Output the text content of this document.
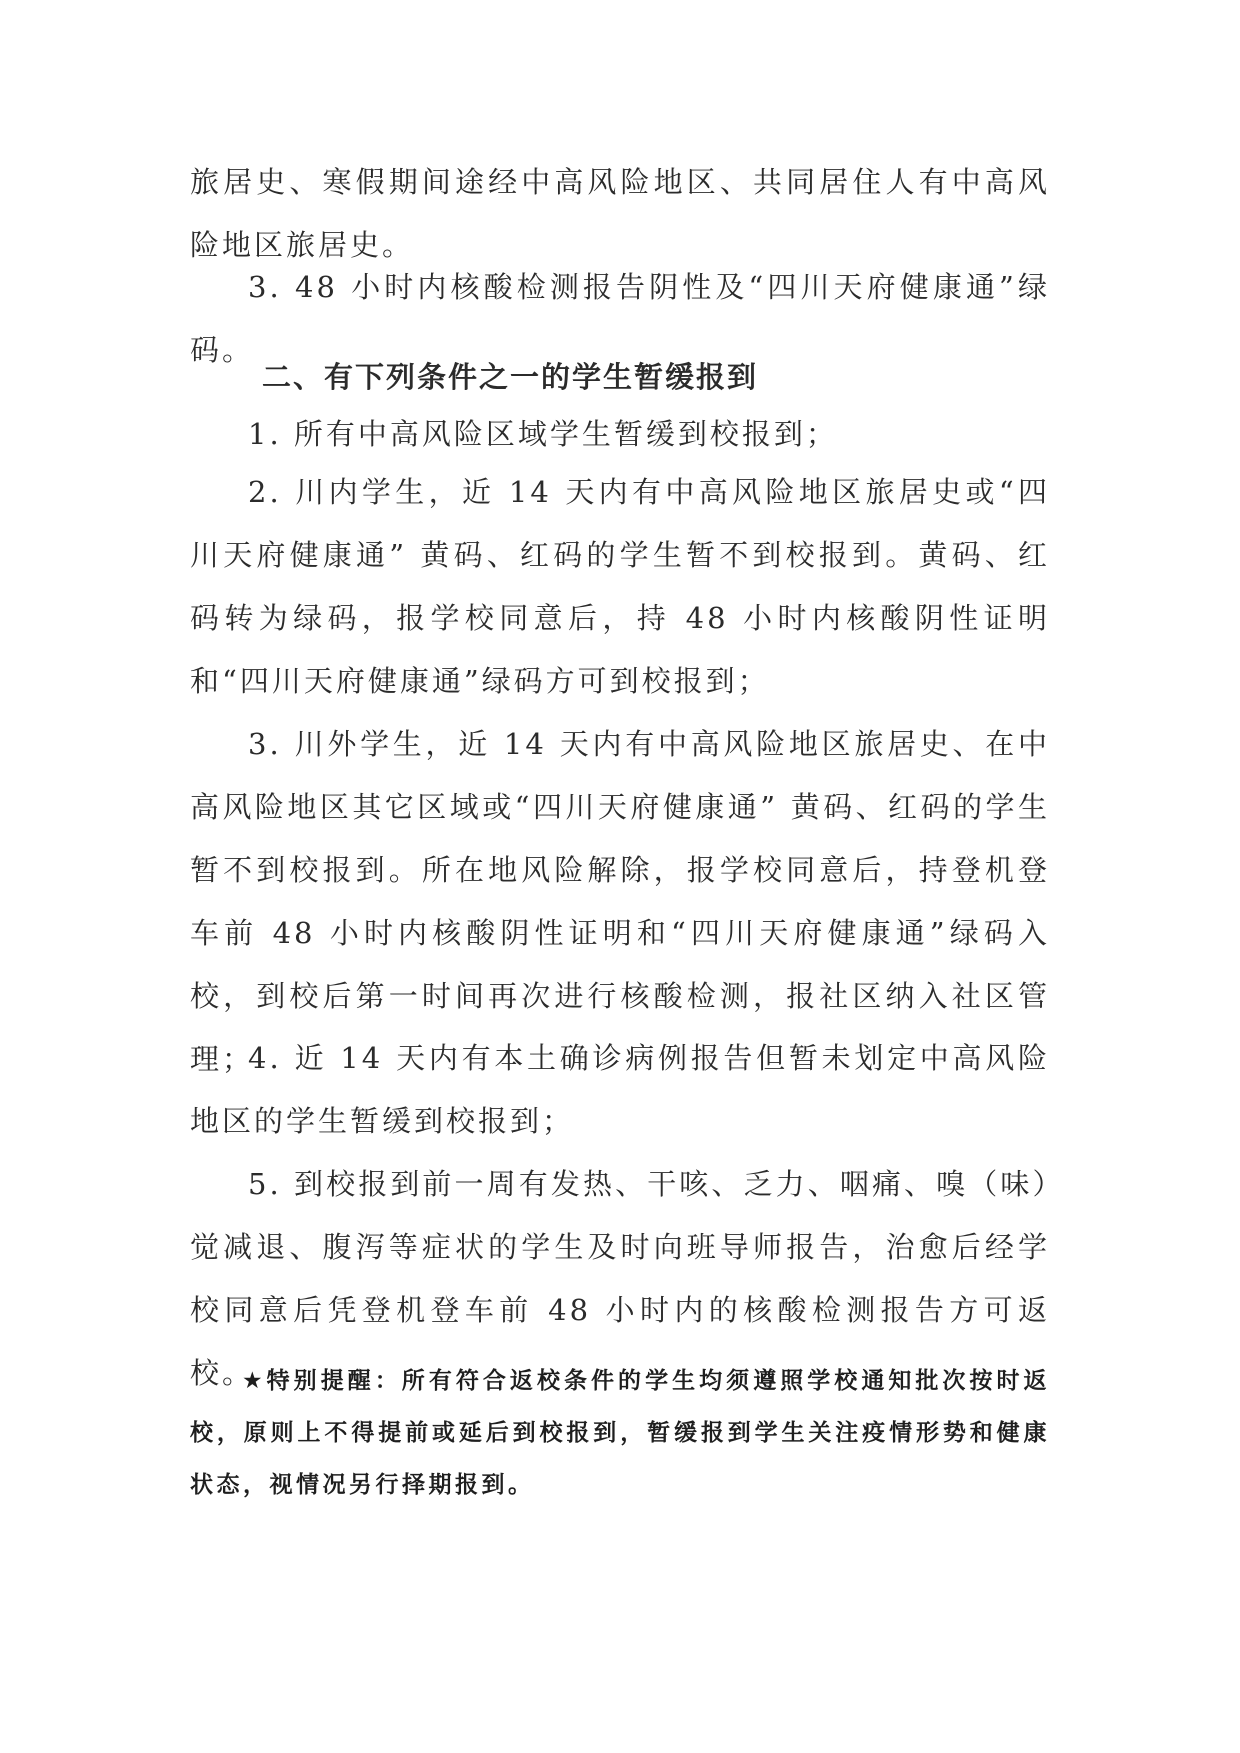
旅居史、寒假期间途经中高风险地区、共同居住人有中高风险地区旅居史。

3. 48 小时内核酸检测报告阴性及“四川天府健康通”绿码。

二、有下列条件之一的学生暂缓报到

1. 所有中高风险区域学生暂缓到校报到；

2. 川内学生，近 14 天内有中高风险地区旅居史或“四川天府健康通” 黄码、红码的学生暂不到校报到。黄码、红码转为绿码，报学校同意后，持 48 小时内核酸阴性证明和“四川天府健康通”绿码方可到校报到；

3. 川外学生，近 14 天内有中高风险地区旅居史、在中高风险地区其它区域或“四川天府健康通” 黄码、红码的学生暂不到校报到。所在地风险解除，报学校同意后，持登机登车前 48 小时内核酸阴性证明和“四川天府健康通”绿码入校，到校后第一时间再次进行核酸检测，报社区纳入社区管理；

4. 近 14 天内有本土确诊病例报告但暂未划定中高风险地区的学生暂缓到校报到；

5. 到校报到前一周有发热、干咳、乏力、咽痛、嗅（味）觉减退、腹泻等症状的学生及时向班导师报告，治愈后经学校同意后凭登机登车前 48 小时内的核酸检测报告方可返校。

★特别提醒：所有符合返校条件的学生均须遵照学校通知批次按时返校，原则上不得提前或延后到校报到，暂缓报到学生关注疫情形势和健康状态，视情况另行择期报到。
